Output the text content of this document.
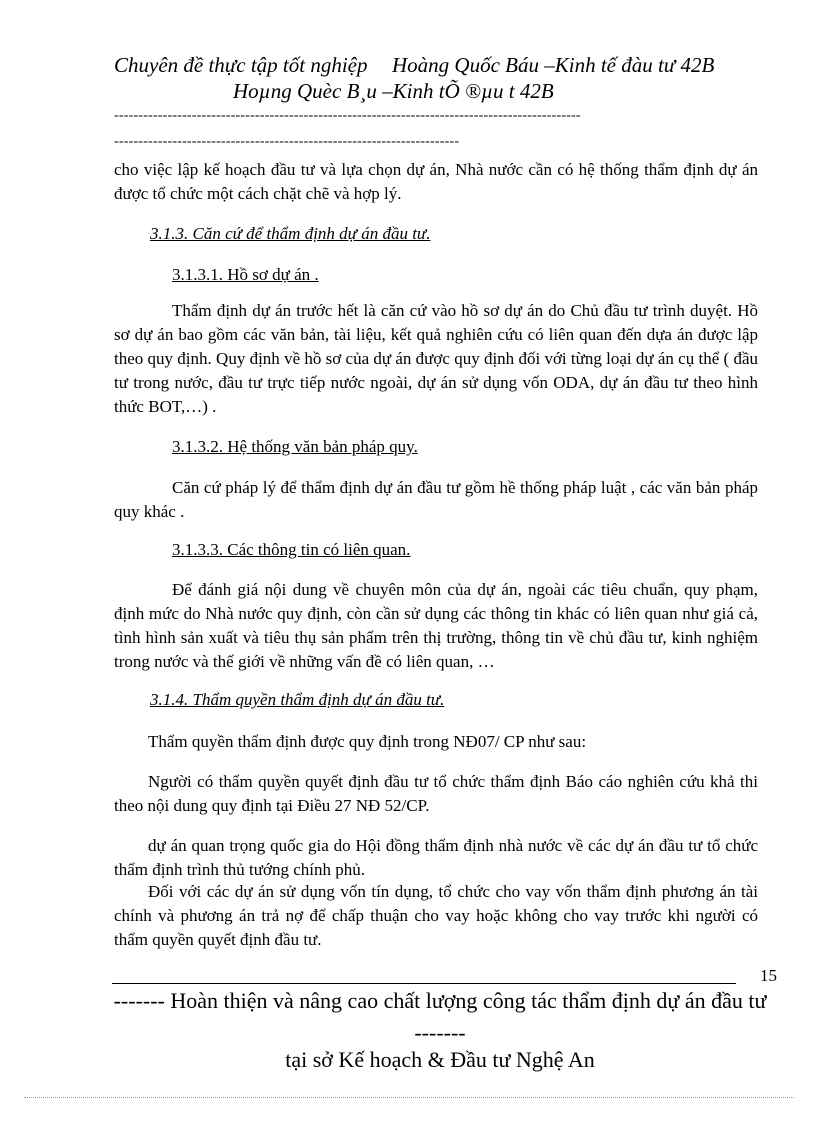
Chuyên đề thực tập tốt nghiệp Hoàng Quốc Báu –Kinh tế đàu tư 42B
Hoµng Quèc B¸u –Kinh tÕ ®µu t 42B
------------------------------------------------------------------------------------------------
-----------------------------------------------------------------------
cho việc lập kế hoạch đầu tư và lựa chọn dự án, Nhà nước cần có hệ thống thẩm định dự án được tổ chức một cách chặt chẽ và hợp lý.
3.1.3. Căn cứ để thẩm định dự án đầu tư.
3.1.3.1. Hồ sơ dự án .
Thẩm định dự án trước hết là căn cứ vào hồ sơ dự án do Chủ đầu tư trình duyệt. Hồ sơ dự án bao gồm các văn bản, tài liệu, kết quả nghiên cứu có liên quan đến dựa án được lập theo quy định. Quy định về hồ sơ của dự án được quy định đối với từng loại dự án cụ thể ( đầu tư trong nước, đầu tư trực tiếp nước ngoài, dự án sử dụng vốn ODA, dự án đầu tư theo hình thức BOT,…) .
3.1.3.2. Hệ thống văn bản pháp quy.
Căn cứ pháp lý để thẩm định dự án đầu tư gồm hề thống pháp luật , các văn bản pháp quy khác .
3.1.3.3. Các thông tin có liên quan.
Để đánh giá nội dung về chuyên môn của dự án, ngoài các tiêu chuẩn, quy phạm, định mức do Nhà nước quy định, còn cần sử dụng các thông tin khác có liên quan như giá cả, tình hình sản xuất và tiêu thụ sản phẩm trên thị trường, thông tin về chủ đầu tư, kinh nghiệm trong nước và thế giới về những vấn đề có liên quan, …
3.1.4. Thẩm quyền thẩm định dự án đầu tư.
Thẩm quyền thẩm định được quy định trong NĐ07/ CP như sau:
Người có thẩm quyền quyết định đầu tư tổ chức thẩm định Báo cáo nghiên cứu khả thi theo nội dung quy định tại Điều 27 NĐ 52/CP.
dự án quan trọng quốc gia do Hội đồng thẩm định nhà nước về các dự án đầu tư tổ chức thẩm định trình thủ tướng chính phủ.
Đối với các dự án sử dụng vốn tín dụng, tổ chức cho vay vốn thẩm định phương án tài chính và phương án trả nợ để chấp thuận cho vay hoặc không cho vay trước khi người có thẩm quyền quyết định đầu tư.
15
------- Hoàn thiện và nâng cao chất lượng công tác thẩm định dự án đầu tư -------
tại sở Kế hoạch & Đầu tư Nghệ An
